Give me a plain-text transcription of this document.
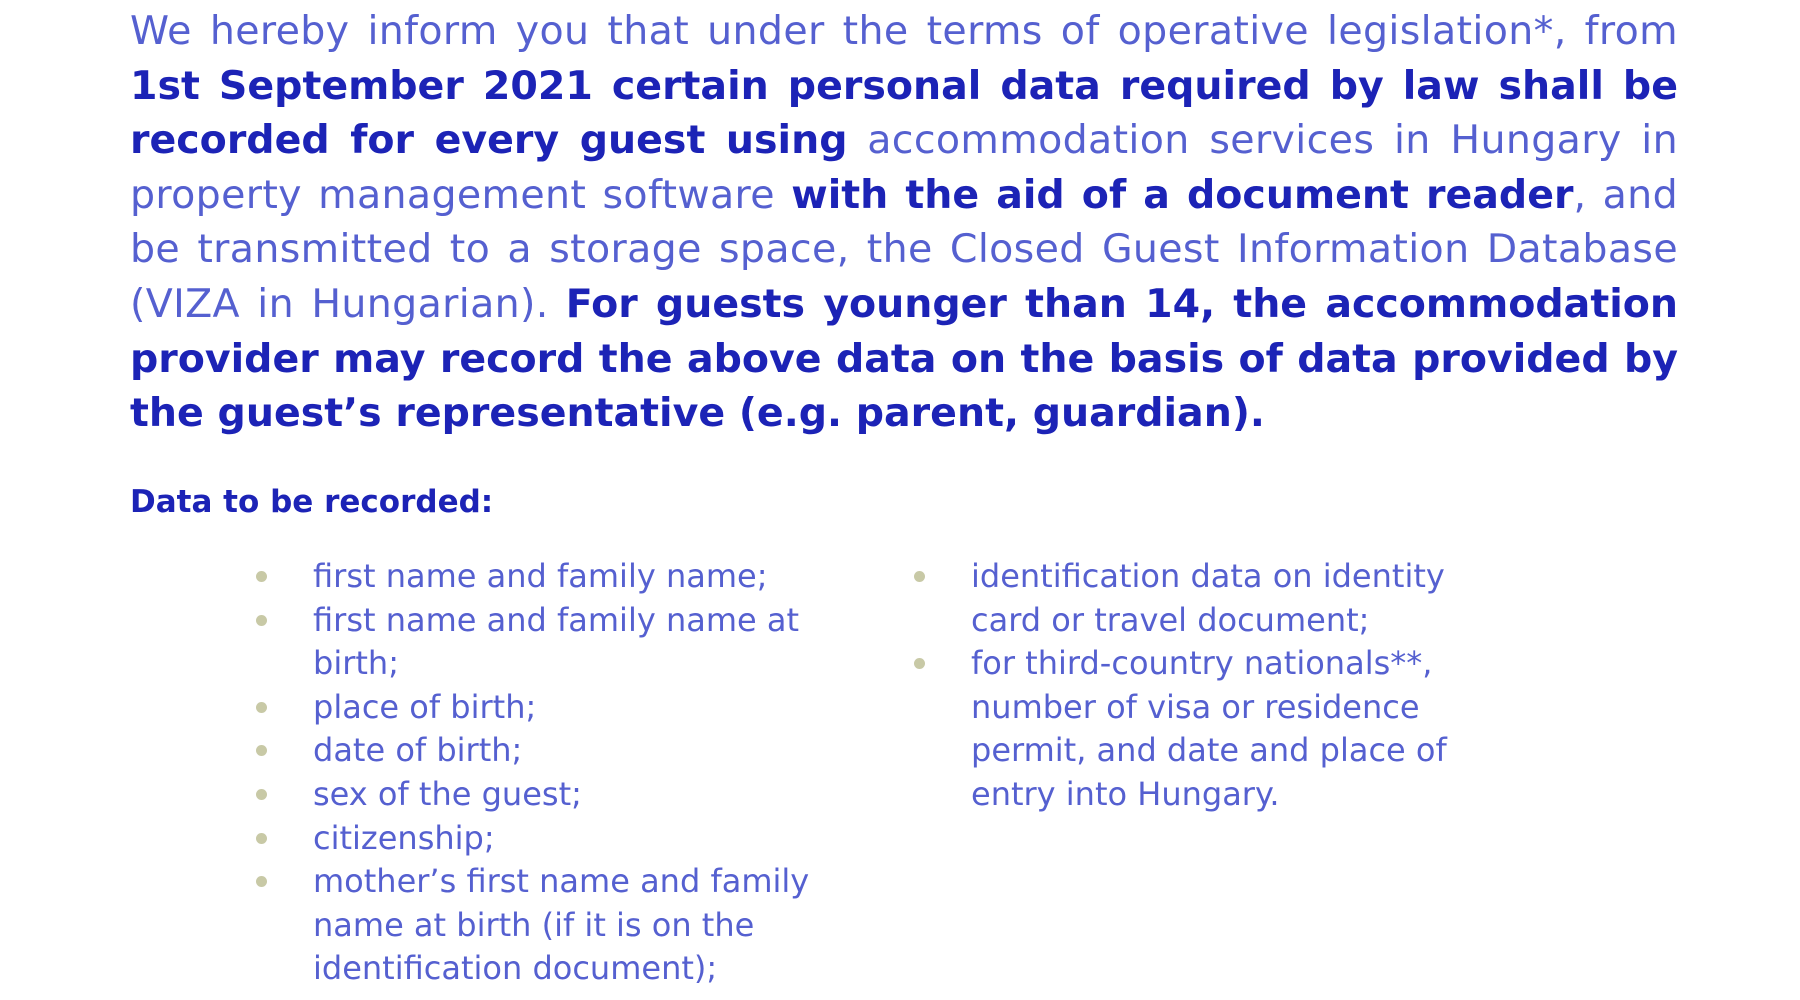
We hereby inform you that under the terms of operative legislation*, from 1st September 2021 certain personal data required by law shall be recorded for every guest using accommodation services in Hungary in property management software with the aid of a document reader, and be transmitted to a storage space, the Closed Guest Information Database (VIZA in Hungarian). For guests younger than 14, the accommodation provider may record the above data on the basis of data provided by the guest’s representative (e.g. parent, guardian).
Data to be recorded:
first name and family name;
first name and family name at birth;
place of birth;
date of birth;
sex of the guest;
citizenship;
mother’s first name and family name at birth (if it is on the identification document);
identification data on identity card or travel document;
for third-country nationals**, number of visa or residence permit, and date and place of entry into Hungary.
